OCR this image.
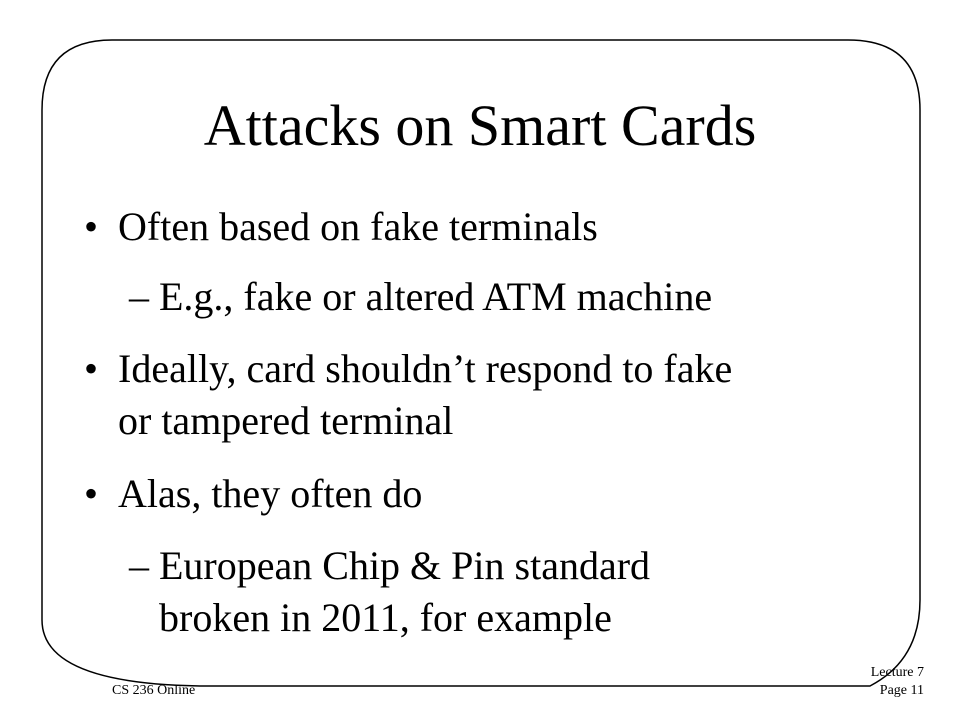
Attacks on Smart Cards
• Often based on fake terminals
– E.g., fake or altered ATM machine
• Ideally, card shouldn’t respond to fake
or tampered terminal
• Alas, they often do
– European Chip & Pin standard
broken in 2011, for example
CS 236 Online
Lecture 7
Page 11
